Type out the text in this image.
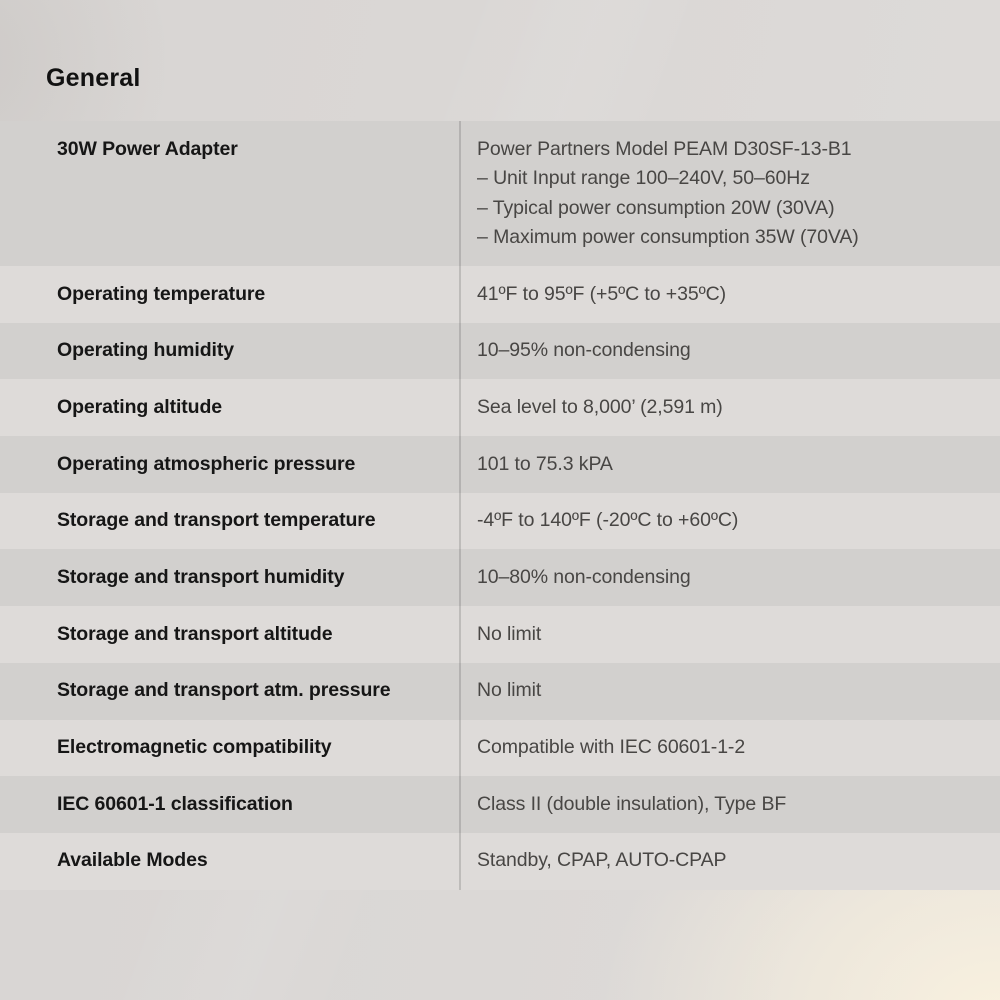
General
30W Power Adapter	Power Partners Model PEAM D30SF-13-B1
– Unit Input range 100–240V, 50–60Hz
– Typical power consumption 20W (30VA)
– Maximum power consumption 35W (70VA)
Operating temperature	41ºF to 95ºF (+5ºC to +35ºC)
Operating humidity	10–95% non-condensing
Operating altitude	Sea level to 8,000’ (2,591 m)
Operating atmospheric pressure	101 to 75.3 kPA
Storage and transport temperature	-4ºF to 140ºF (-20ºC to +60ºC)
Storage and transport humidity	10–80% non-condensing
Storage and transport altitude	No limit
Storage and transport atm. pressure	No limit
Electromagnetic compatibility	Compatible with IEC 60601-1-2
IEC 60601-1 classification	Class II (double insulation), Type BF
Available Modes	Standby, CPAP, AUTO-CPAP
